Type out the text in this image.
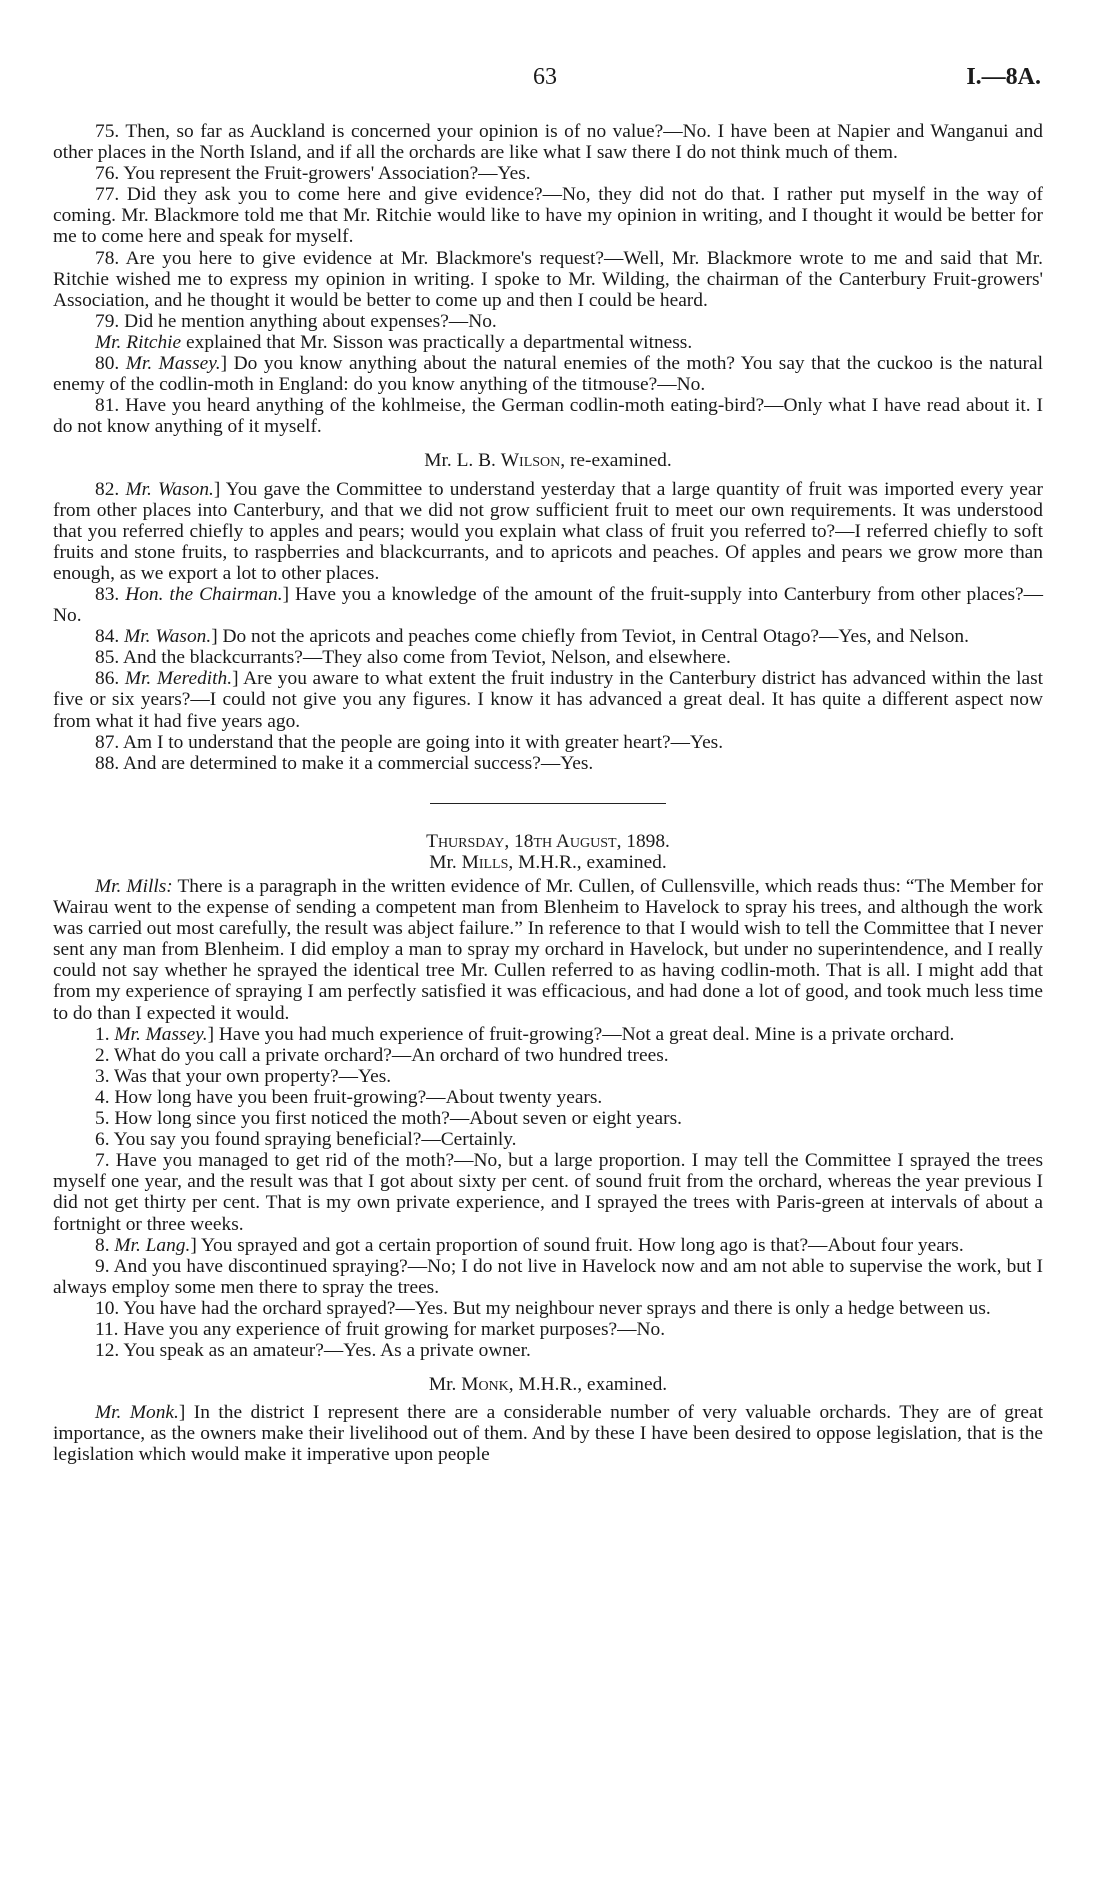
63	I.—8A.

75. Then, so far as Auckland is concerned your opinion is of no value?—No. I have been at Napier and Wanganui and other places in the North Island, and if all the orchards are like what I saw there I do not think much of them.

76. You represent the Fruit-growers' Association?—Yes.

77. Did they ask you to come here and give evidence?—No, they did not do that. I rather put myself in the way of coming. Mr. Blackmore told me that Mr. Ritchie would like to have my opinion in writing, and I thought it would be better for me to come here and speak for myself.

78. Are you here to give evidence at Mr. Blackmore's request?—Well, Mr. Blackmore wrote to me and said that Mr. Ritchie wished me to express my opinion in writing. I spoke to Mr. Wilding, the chairman of the Canterbury Fruit-growers' Association, and he thought it would be better to come up and then I could be heard.

79. Did he mention anything about expenses?—No.

Mr. Ritchie explained that Mr. Sisson was practically a departmental witness.

80. Mr. Massey.] Do you know anything about the natural enemies of the moth? You say that the cuckoo is the natural enemy of the codlin-moth in England: do you know anything of the titmouse?—No.

81. Have you heard anything of the kohlmeise, the German codlin-moth eating-bird?—Only what I have read about it. I do not know anything of it myself.

Mr. L. B. Wilson, re-examined.

82. Mr. Wason.] You gave the Committee to understand yesterday that a large quantity of fruit was imported every year from other places into Canterbury, and that we did not grow sufficient fruit to meet our own requirements. It was understood that you referred chiefly to apples and pears; would you explain what class of fruit you referred to?—I referred chiefly to soft fruits and stone fruits, to raspberries and blackcurrants, and to apricots and peaches. Of apples and pears we grow more than enough, as we export a lot to other places.

83. Hon. the Chairman.] Have you a knowledge of the amount of the fruit-supply into Canterbury from other places?—No.

84. Mr. Wason.] Do not the apricots and peaches come chiefly from Teviot, in Central Otago?—Yes, and Nelson.

85. And the blackcurrants?—They also come from Teviot, Nelson, and elsewhere.

86. Mr. Meredith.] Are you aware to what extent the fruit industry in the Canterbury district has advanced within the last five or six years?—I could not give you any figures. I know it has advanced a great deal. It has quite a different aspect now from what it had five years ago.

87. Am I to understand that the people are going into it with greater heart?—Yes.

88. And are determined to make it a commercial success?—Yes.

Thursday, 18th August, 1898.

Mr. Mills, M.H.R., examined.

Mr. Mills: There is a paragraph in the written evidence of Mr. Cullen, of Cullensville, which reads thus: “The Member for Wairau went to the expense of sending a competent man from Blenheim to Havelock to spray his trees, and although the work was carried out most carefully, the result was abject failure.” In reference to that I would wish to tell the Committee that I never sent any man from Blenheim. I did employ a man to spray my orchard in Havelock, but under no superintendence, and I really could not say whether he sprayed the identical tree Mr. Cullen referred to as having codlin-moth. That is all. I might add that from my experience of spraying I am perfectly satisfied it was efficacious, and had done a lot of good, and took much less time to do than I expected it would.

1. Mr. Massey.] Have you had much experience of fruit-growing?—Not a great deal. Mine is a private orchard.

2. What do you call a private orchard?—An orchard of two hundred trees.

3. Was that your own property?—Yes.

4. How long have you been fruit-growing?—About twenty years.

5. How long since you first noticed the moth?—About seven or eight years.

6. You say you found spraying beneficial?—Certainly.

7. Have you managed to get rid of the moth?—No, but a large proportion. I may tell the Committee I sprayed the trees myself one year, and the result was that I got about sixty per cent. of sound fruit from the orchard, whereas the year previous I did not get thirty per cent. That is my own private experience, and I sprayed the trees with Paris-green at intervals of about a fortnight or three weeks.

8. Mr. Lang.] You sprayed and got a certain proportion of sound fruit. How long ago is that?—About four years.

9. And you have discontinued spraying?—No; I do not live in Havelock now and am not able to supervise the work, but I always employ some men there to spray the trees.

10. You have had the orchard sprayed?—Yes. But my neighbour never sprays and there is only a hedge between us.

11. Have you any experience of fruit growing for market purposes?—No.

12. You speak as an amateur?—Yes. As a private owner.

Mr. Monk, M.H.R., examined.

Mr. Monk.] In the district I represent there are a considerable number of very valuable orchards. They are of great importance, as the owners make their livelihood out of them. And by these I have been desired to oppose legislation, that is the legislation which would make it imperative upon people
